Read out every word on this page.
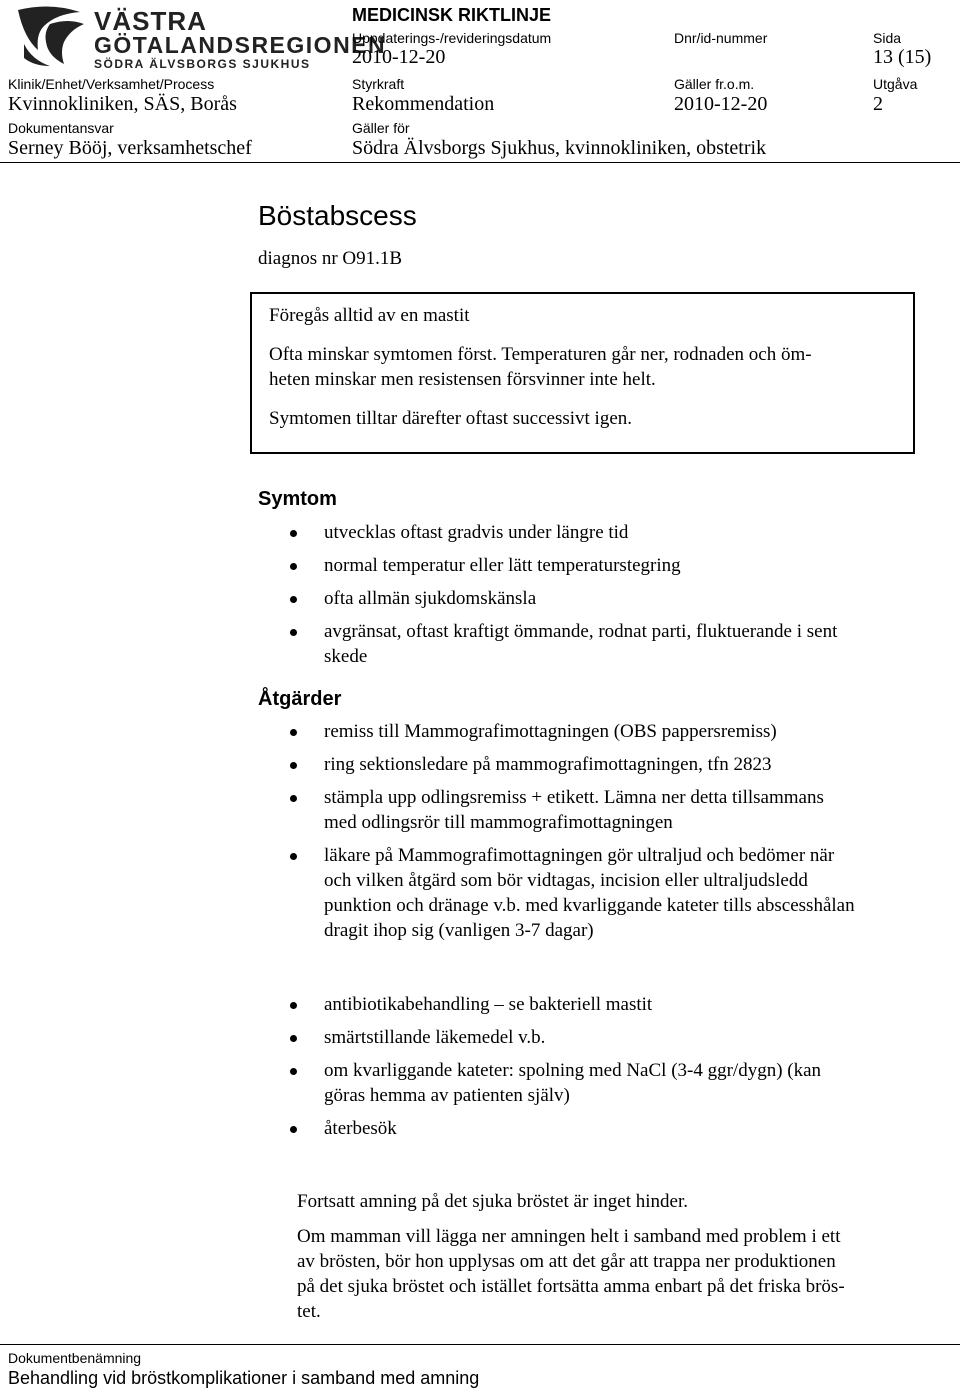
VÄSTRA
GÖTALANDSREGIONEN
SÖDRA ÄLVSBORGS SJUKHUS
MEDICINSK RIKTLINJE
Uppdaterings-/revideringsdatum
2010-12-20
Dnr/id-nummer	Sida
13 (15)
Klinik/Enhet/Verksamhet/Process
Kvinnokliniken, SÄS, Borås
Styrkraft
Rekommendation
Gäller fr.o.m.
2010-12-20
Utgåva
2
Dokumentansvar
Serney Bööj, verksamhetschef
Gäller för
Södra Älvsborgs Sjukhus, kvinnokliniken, obstetrik
Böstabscess
diagnos nr O91.1B
Föregås alltid av en mastit
Ofta minskar symtomen först. Temperaturen går ner, rodnaden och öm-
heten minskar men resistensen försvinner inte helt.
Symtomen tilltar därefter oftast successivt igen.
Symtom
utvecklas oftast gradvis under längre tid
normal temperatur eller lätt temperaturstegring
ofta allmän sjukdomskänsla
avgränsat, oftast kraftigt ömmande, rodnat parti, fluktuerande i sent
skede
Åtgärder
remiss till Mammografimottagningen (OBS pappersremiss)
ring sektionsledare på mammografimottagningen, tfn 2823
stämpla upp odlingsremiss + etikett. Lämna ner detta tillsammans
med odlingsrör till mammografimottagningen
läkare på Mammografimottagningen gör ultraljud och bedömer när
och vilken åtgärd som bör vidtagas, incision eller ultraljudsledd
punktion och dränage v.b. med kvarliggande kateter tills abscesshålan
dragit ihop sig (vanligen 3-7 dagar)
antibiotikabehandling – se bakteriell mastit
smärtstillande läkemedel v.b.
om kvarliggande kateter: spolning med NaCl (3-4 ggr/dygn) (kan
göras hemma av patienten själv)
återbesök
Fortsatt amning på det sjuka bröstet är inget hinder.
Om mamman vill lägga ner amningen helt i samband med problem i ett
av brösten, bör hon upplysas om att det går att trappa ner produktionen
på det sjuka bröstet och istället fortsätta amma enbart på det friska brös-
tet.
Dokumentbenämning
Behandling vid bröstkomplikationer i samband med amning
